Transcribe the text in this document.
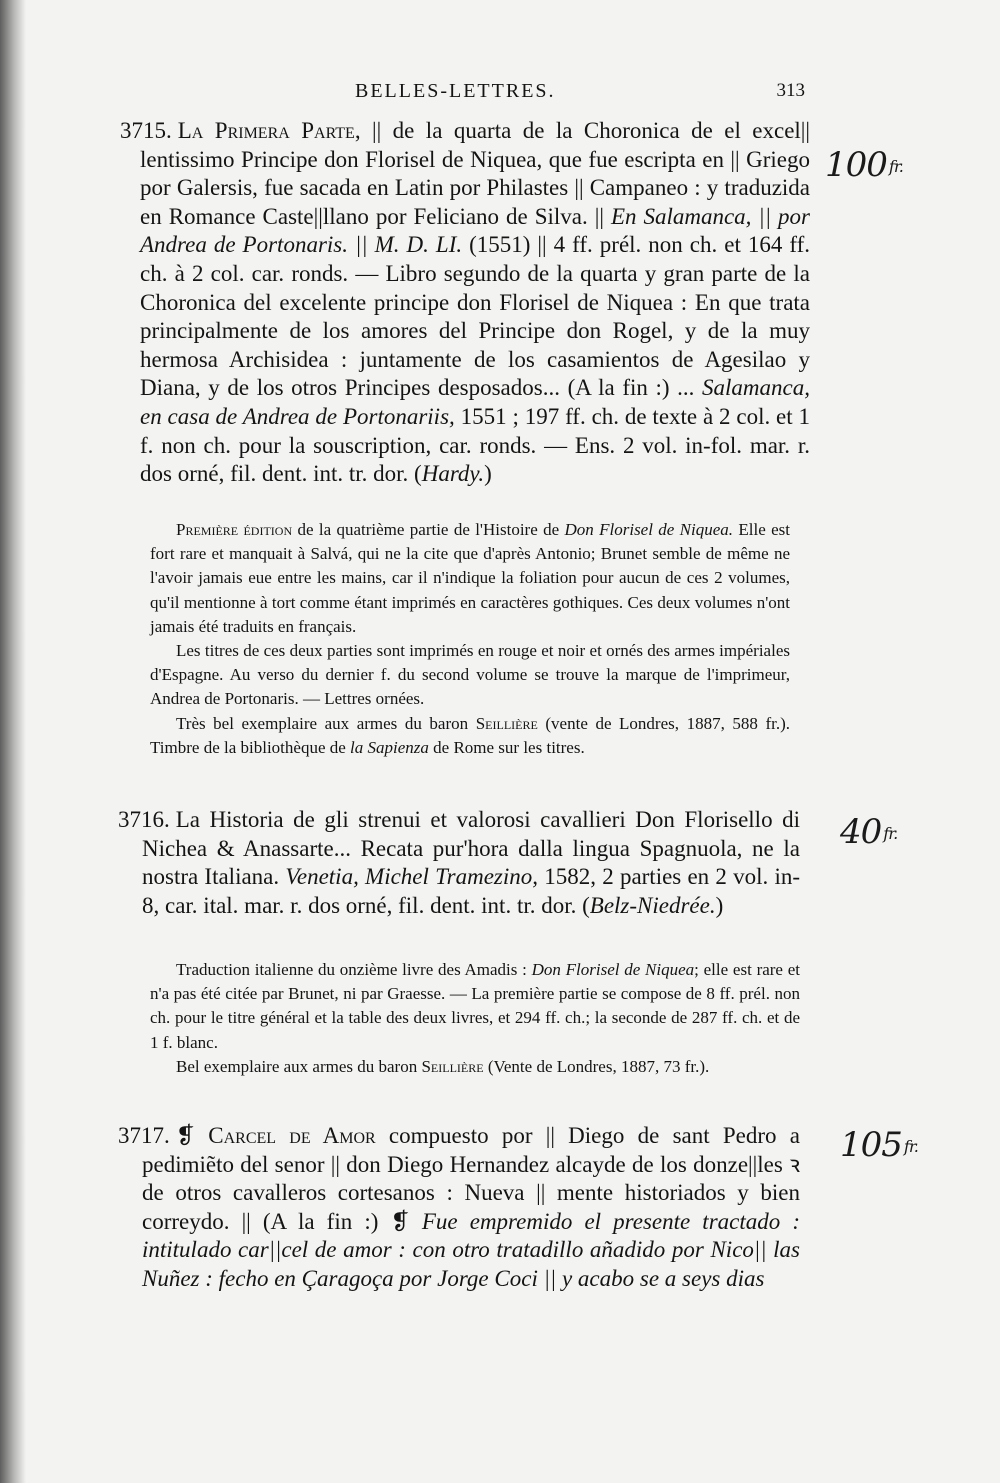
BELLES-LETTRES.	313

3715. La Primera Parte, || de la quarta de la Choronica de el excel|| lentissimo Principe don Florisel de Niquea, que fue escripta en || Griego por Galersis, fue sacada en Latin por Philastes || Campaneo : y traduzida en Romance Caste||llano por Feliciano de Silva. || En Salamanca, || por Andrea de Portonaris. || M. D. LI. (1551) || 4 ff. prél. non ch. et 164 ff. ch. à 2 col. car. ronds. — Libro segundo de la quarta y gran parte de la Choronica del excelente principe don Florisel de Niquea : En que trata principalmente de los amores del Principe don Rogel, y de la muy hermosa Archisidea : juntamente de los casamientos de Agesilao y Diana, y de los otros Principes desposados... (A la fin :) ... Salamanca, en casa de Andrea de Portonariis, 1551 ; 197 ff. ch. de texte à 2 col. et 1 f. non ch. pour la souscription, car. ronds. — Ens. 2 vol. in-fol. mar. r. dos orné, fil. dent. int. tr. dor. (Hardy.)

Première édition de la quatrième partie de l'Histoire de Don Florisel de Niquea. Elle est fort rare et manquait à Salvá, qui ne la cite que d'après Antonio; Brunet semble de même ne l'avoir jamais eue entre les mains, car il n'indique la foliation pour aucun de ces 2 volumes, qu'il mentionne à tort comme étant imprimés en caractères gothiques. Ces deux volumes n'ont jamais été traduits en français.

Les titres de ces deux parties sont imprimés en rouge et noir et ornés des armes impériales d'Espagne. Au verso du dernier f. du second volume se trouve la marque de l'imprimeur, Andrea de Portonaris. — Lettres ornées.

Très bel exemplaire aux armes du baron Seillière (vente de Londres, 1887, 588 fr.). Timbre de la bibliothèque de la Sapienza de Rome sur les titres.

3716. La Historia de gli strenui et valorosi cavallieri Don Florisello di Nichea & Anassarte... Recata pur'hora dalla lingua Spagnuola, ne la nostra Italiana. Venetia, Michel Tramezino, 1582, 2 parties en 2 vol. in-8, car. ital. mar. r. dos orné, fil. dent. int. tr. dor. (Belz-Niedrée.)

Traduction italienne du onzième livre des Amadis : Don Florisel de Niquea; elle est rare et n'a pas été citée par Brunet, ni par Graesse. — La première partie se compose de 8 ff. prél. non ch. pour le titre général et la table des deux livres, et 294 ff. ch.; la seconde de 287 ff. ch. et de 1 f. blanc.

Bel exemplaire aux armes du baron Seillière (Vente de Londres, 1887, 73 fr.).

3717. ❡ Carcel de Amor compuesto por || Diego de sant Pedro a pedimiẽto del senor || don Diego Hernandez alcayde de los donze||les ꝛ de otros cavalleros cortesanos : Nueva || mente historiados y bien correydo. || (A la fin :) ❡ Fue empremido el presente tractado : intitulado car||cel de amor : con otro tratadillo añadido por Nico|| las Nuñez : fecho en Çaragoça por Jorge Coci || y acabo se a seys dias

100 fr.
40 fr.
105 fr.
